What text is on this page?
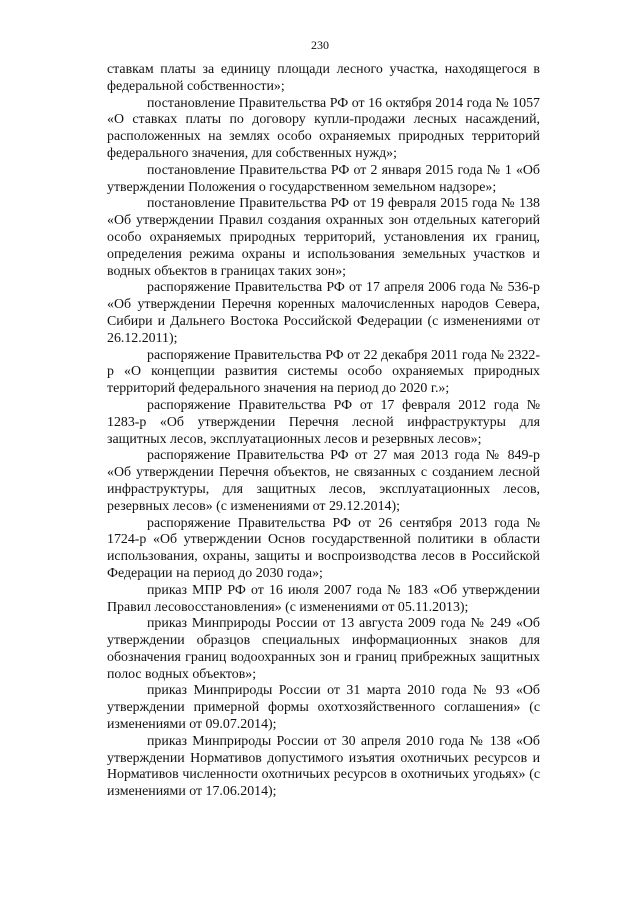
230

ставкам платы за единицу площади лесного участка, находящегося в федеральной собственности»;

постановление Правительства РФ от 16 октября 2014 года № 1057 «О ставках платы по договору купли-продажи лесных насаждений, расположенных на землях особо охраняемых природных территорий федерального значения, для собственных нужд»;

постановление Правительства РФ от 2 января 2015 года № 1 «Об утверждении Положения о государственном земельном надзоре»;

постановление Правительства РФ от 19 февраля 2015 года № 138 «Об утверждении Правил создания охранных зон отдельных категорий особо охраняемых природных территорий, установления их границ, определения режима охраны и использования земельных участков и водных объектов в границах таких зон»;

распоряжение Правительства РФ от 17 апреля 2006 года № 536-р «Об утверждении Перечня коренных малочисленных народов Севера, Сибири и Дальнего Востока Российской Федерации (с изменениями от 26.12.2011);

распоряжение Правительства РФ от 22 декабря 2011 года № 2322-р «О концепции развития системы особо охраняемых природных территорий федерального значения на период до 2020 г.»;

распоряжение Правительства РФ от 17 февраля 2012 года № 1283-р «Об утверждении Перечня лесной инфраструктуры для защитных лесов, эксплуатационных лесов и резервных лесов»;

распоряжение Правительства РФ от 27 мая 2013 года № 849-р «Об утверждении Перечня объектов, не связанных с созданием лесной инфраструктуры, для защитных лесов, эксплуатационных лесов, резервных лесов» (с изменениями от 29.12.2014);

распоряжение Правительства РФ от 26 сентября 2013 года № 1724-р «Об утверждении Основ государственной политики в области использования, охраны, защиты и воспроизводства лесов в Российской Федерации на период до 2030 года»;

приказ МПР РФ от 16 июля 2007 года № 183 «Об утверждении Правил лесовосстановления» (с изменениями от 05.11.2013);

приказ Минприроды России от 13 августа 2009 года № 249 «Об утверждении образцов специальных информационных знаков для обозначения границ водоохранных зон и границ прибрежных защитных полос водных объектов»;

приказ Минприроды России от 31 марта 2010 года № 93 «Об утверждении примерной формы охотхозяйственного соглашения» (с изменениями от 09.07.2014);

приказ Минприроды России от 30 апреля 2010 года № 138 «Об утверждении Нормативов допустимого изъятия охотничьих ресурсов и Нормативов численности охотничьих ресурсов в охотничьих угодьях» (с изменениями от 17.06.2014);
